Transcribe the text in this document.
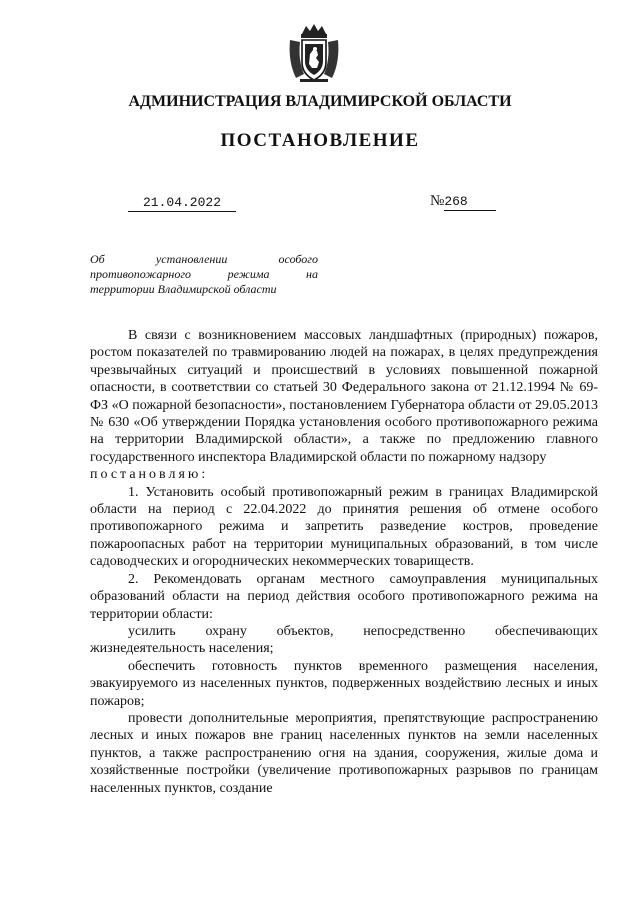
АДМИНИСТРАЦИЯ ВЛАДИМИРСКОЙ ОБЛАСТИ
ПОСТАНОВЛЕНИЕ
21.04.2022	№268
Об установлении особого
противопожарного режима на
территории Владимирской области

В связи с возникновением массовых ландшафтных (природных) пожаров, ростом показателей по травмированию людей на пожарах, в целях предупреждения чрезвычайных ситуаций и происшествий в условиях повышенной пожарной опасности, в соответствии со статьей 30 Федерального закона от 21.12.1994 № 69-ФЗ «О пожарной безопасности», постановлением Губернатора области от 29.05.2013 № 630 «Об утверждении Порядка установления особого противопожарного режима на территории Владимирской области», а также по предложению главного государственного инспектора Владимирской области по пожарному надзору

постановляю:

1. Установить особый противопожарный режим в границах Владимирской области на период с 22.04.2022 до принятия решения об отмене особого противопожарного режима и запретить разведение костров, проведение пожароопасных работ на территории муниципальных образований, в том числе садоводческих и огороднических некоммерческих товариществ.

2. Рекомендовать органам местного самоуправления муниципальных образований области на период действия особого противопожарного режима на территории области:

усилить охрану объектов, непосредственно обеспечивающих жизнедеятельность населения;

обеспечить готовность пунктов временного размещения населения, эвакуируемого из населенных пунктов, подверженных воздействию лесных и иных пожаров;

провести дополнительные мероприятия, препятствующие распространению лесных и иных пожаров вне границ населенных пунктов на земли населенных пунктов, а также распространению огня на здания, сооружения, жилые дома и хозяйственные постройки (увеличение противопожарных разрывов по границам населенных пунктов, создание
